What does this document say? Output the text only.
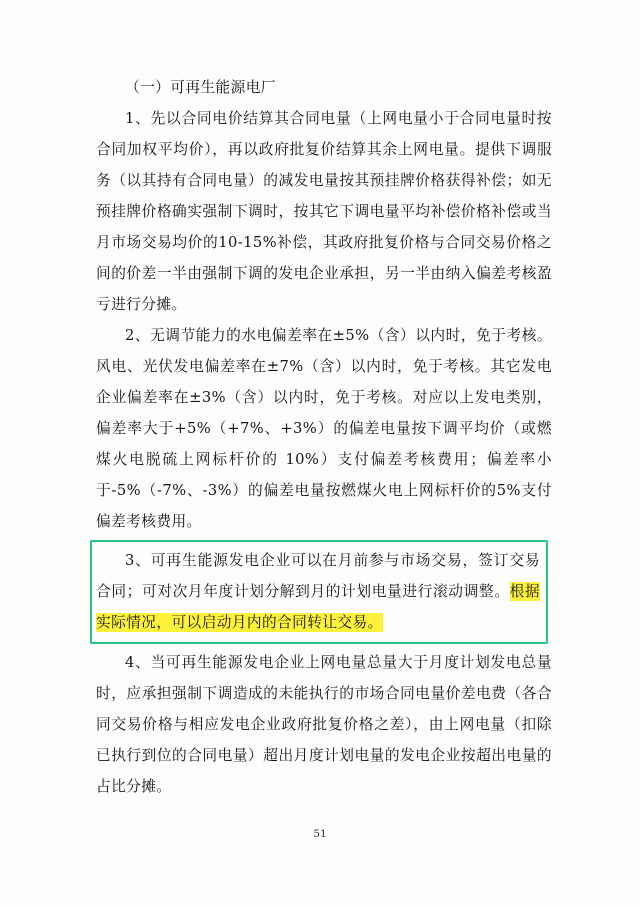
（一）可再生能源电厂

1、先以合同电价结算其合同电量（上网电量小于合同电量时按合同加权平均价），再以政府批复价结算其余上网电量。提供下调服务（以其持有合同电量）的减发电量按其预挂牌价格获得补偿；如无预挂牌价格确实强制下调时，按其它下调电量平均补偿价格补偿或当月市场交易均价的10-15%补偿，其政府批复价格与合同交易价格之间的价差一半由强制下调的发电企业承担，另一半由纳入偏差考核盈亏进行分摊。

2、无调节能力的水电偏差率在±5%（含）以内时，免于考核。风电、光伏发电偏差率在±7%（含）以内时，免于考核。其它发电企业偏差率在±3%（含）以内时，免于考核。对应以上发电类别，偏差率大于+5%（+7%、+3%）的偏差电量按下调平均价（或燃煤火电脱硫上网标杆价的 10%）支付偏差考核费用；偏差率小于-5%（-7%、-3%）的偏差电量按燃煤火电上网标杆价的5%支付偏差考核费用。

3、可再生能源发电企业可以在月前参与市场交易，签订交易合同；可对次月年度计划分解到月的计划电量进行滚动调整。根据实际情况，可以启动月内的合同转让交易。

4、当可再生能源发电企业上网电量总量大于月度计划发电总量时，应承担强制下调造成的未能执行的市场合同电量价差电费（各合同交易价格与相应发电企业政府批复价格之差），由上网电量（扣除已执行到位的合同电量）超出月度计划电量的发电企业按超出电量的占比分摊。

51
